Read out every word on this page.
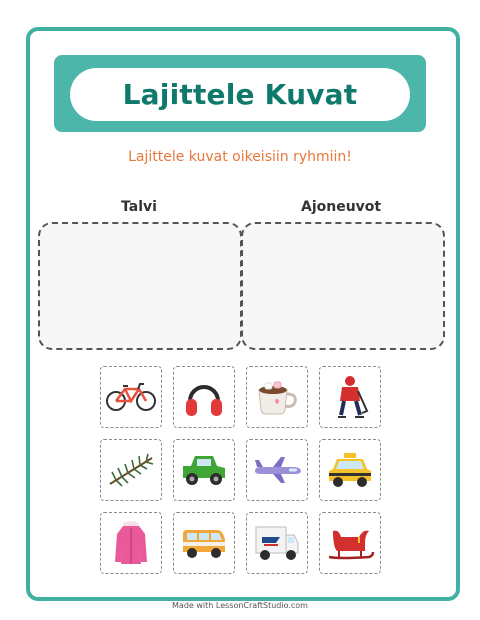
Lajittele Kuvat
Lajittele kuvat oikeisiin ryhmiin!
Talvi	Ajoneuvot
Made with LessonCraftStudio.com
